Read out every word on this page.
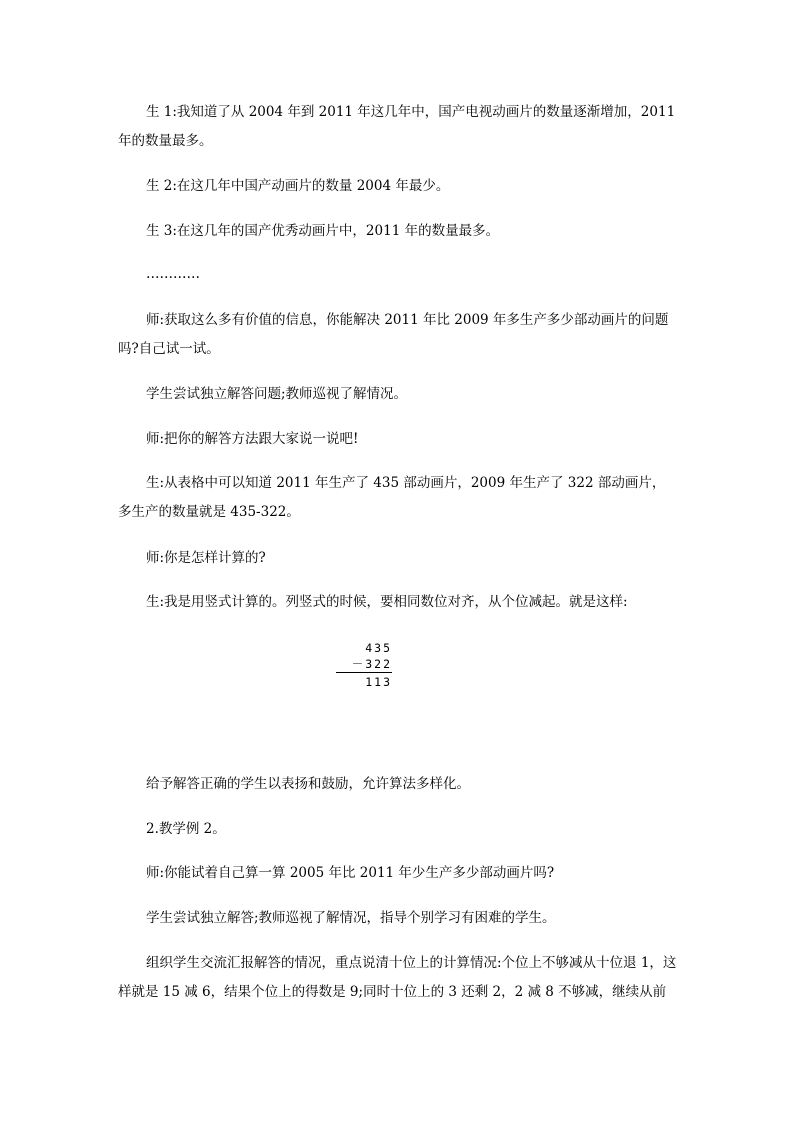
生 1:我知道了从 2004 年到 2011 年这几年中，国产电视动画片的数量逐渐增加，2011 年的数量最多。

生 2:在这几年中国产动画片的数量 2004 年最少。

生 3:在这几年的国产优秀动画片中，2011 年的数量最多。

…………

师:获取这么多有价值的信息，你能解决 2011 年比 2009 年多生产多少部动画片的问题吗?自己试一试。

学生尝试独立解答问题;教师巡视了解情况。

师:把你的解答方法跟大家说一说吧!

生:从表格中可以知道 2011 年生产了 435 部动画片，2009 年生产了 322 部动画片，多生产的数量就是 435-322。

师:你是怎样计算的?

生:我是用竖式计算的。列竖式的时候，要相同数位对齐，从个位减起。就是这样:

435
－322
113

给予解答正确的学生以表扬和鼓励，允许算法多样化。

2.教学例 2。

师:你能试着自己算一算 2005 年比 2011 年少生产多少部动画片吗?

学生尝试独立解答;教师巡视了解情况，指导个别学习有困难的学生。

组织学生交流汇报解答的情况，重点说清十位上的计算情况:个位上不够减从十位退 1，这样就是 15 减 6，结果个位上的得数是 9;同时十位上的 3 还剩 2，2 减 8 不够减，继续从前
